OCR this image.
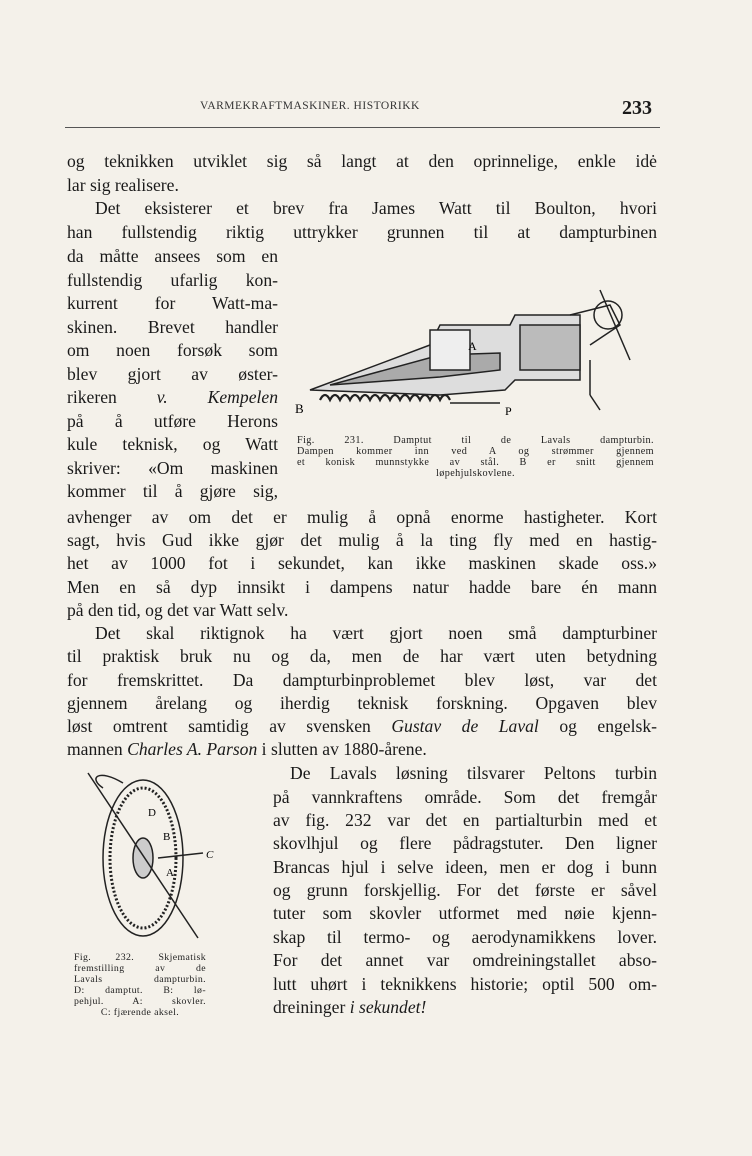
VARMEKRAFTMASKINER. HISTORIKK	233
og teknikken utviklet sig så langt at den oprinnelige, enkle idė
lar sig realisere.
Det eksisterer et brev fra James Watt til Boulton, hvori
han fullstendig riktig uttrykker grunnen til at dampturbinen
da måtte ansees som en
fullstendig ufarlig kon-
kurrent for Watt-ma-
skinen. Brevet handler
om noen forsøk som
blev gjort av øster-
rikeren v. Kempelen
på å utføre Herons
kule teknisk, og Watt
skriver: «Om maskinen
kommer til å gjøre sig,
avhenger av om det er mulig å opnå enorme hastigheter. Kort
sagt, hvis Gud ikke gjør det mulig å la ting fly med en hastig-
het av 1000 fot i sekundet, kan ikke maskinen skade oss.»
Men en så dyp innsikt i dampens natur hadde bare én mann
på den tid, og det var Watt selv.
Det skal riktignok ha vært gjort noen små dampturbiner
til praktisk bruk nu og da, men de har vært uten betydning
for fremskrittet. Da dampturbinproblemet blev løst, var det
gjennem årelang og iherdig teknisk forskning. Opgaven blev
løst omtrent samtidig av svensken Gustav de Laval og engelsk-
mannen Charles A. Parson i slutten av 1880-årene.
De Lavals løsning tilsvarer Peltons turbin
på vannkraftens område. Som det fremgår
av fig. 232 var det en partialturbin med et
skovlhjul og flere pådragstuter. Den ligner
Brancas hjul i selve ideen, men er dog i bunn
og grunn forskjellig. For det første er såvel
tuter som skovler utformet med nøie kjenn-
skap til termo- og aerodynamikkens lover.
For det annet var omdreiningstallet abso-
lutt uhørt i teknikkens historie; optil 500 om-
dreininger i sekundet!
A
B	P
Fig. 231. Damptut til de Lavals dampturbin.
Dampen kommer inn ved A og strømmer gjennem
et konisk munnstykke av stål. B er snitt gjennem
løpehjulskovlene.
D
B
A
C
Fig. 232. Skjematisk
fremstilling av de
Lavals dampturbin.
D: damptut. B: lø-
pehjul. A: skovler.
C: fjærende aksel.
